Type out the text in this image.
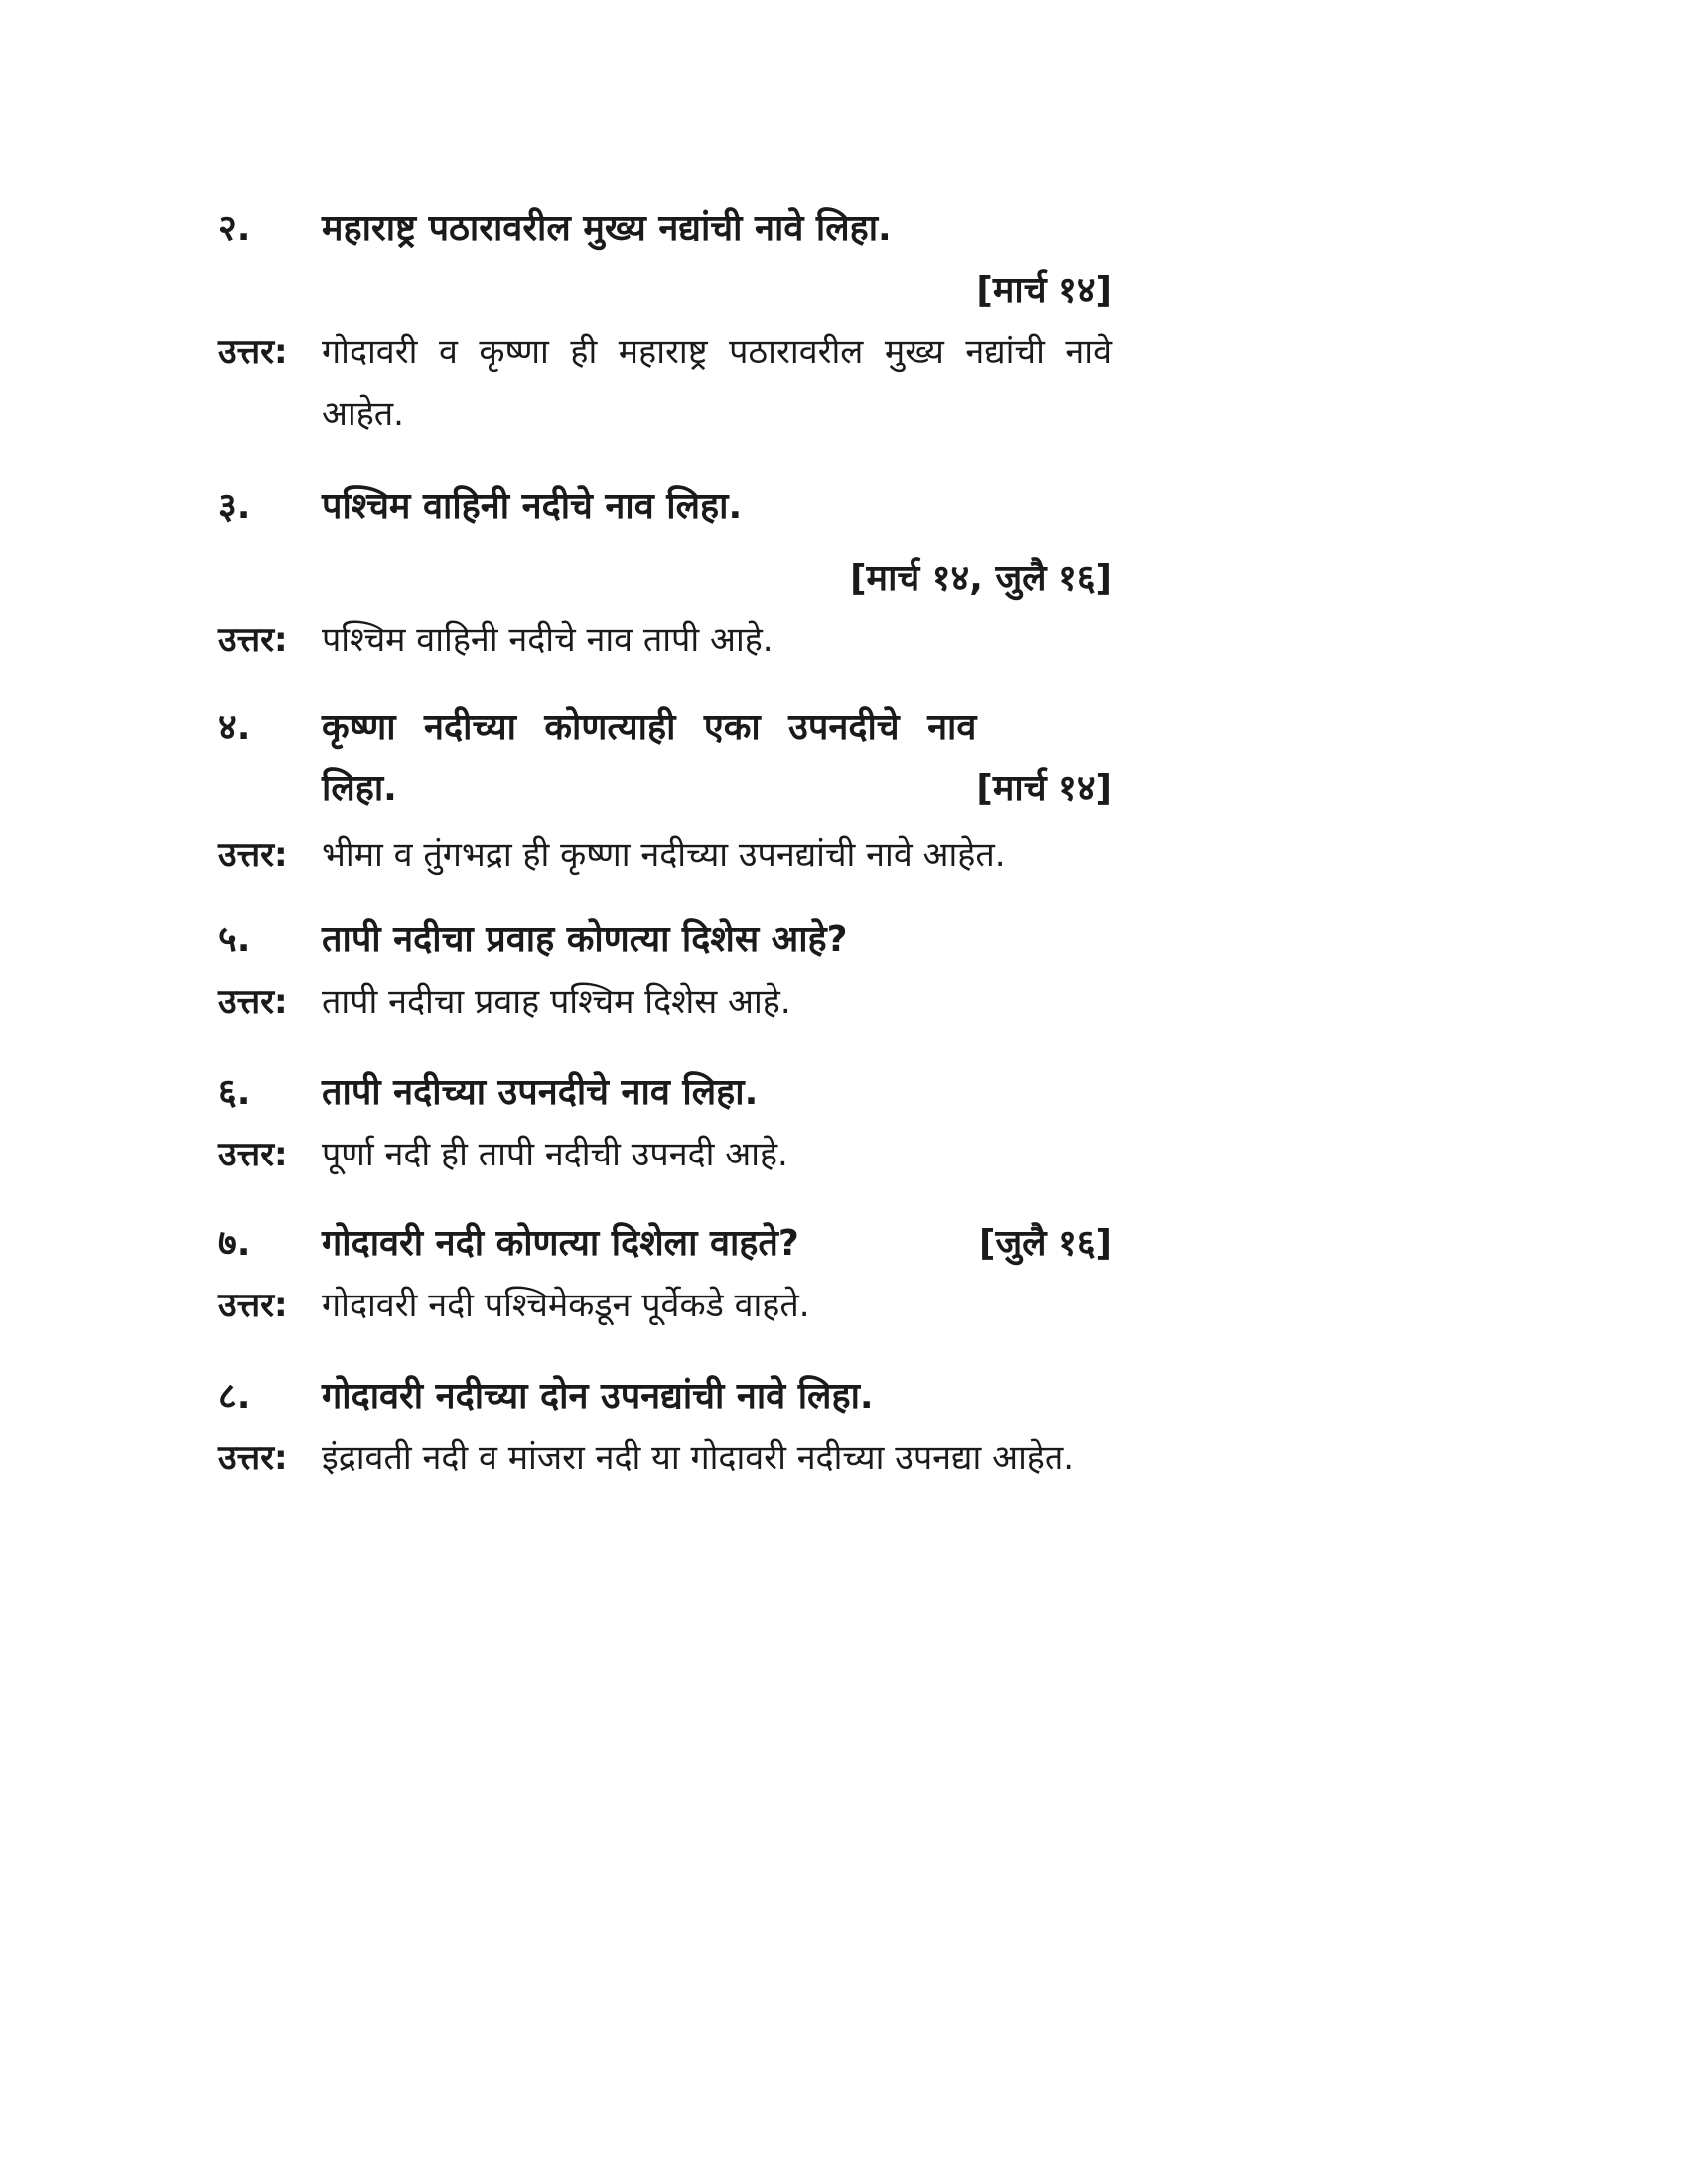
२.	महाराष्ट्र पठारावरील मुख्य नद्यांची नावे लिहा.
[मार्च १४]
उत्तर:	गोदावरी व कृष्णा ही महाराष्ट्र पठारावरील मुख्य नद्यांची नावे आहेत.
३.	पश्चिम वाहिनी नदीचे नाव लिहा.
[मार्च १४, जुलै १६]
उत्तर:	पश्चिम वाहिनी नदीचे नाव तापी आहे.
४.
[मार्च १४]
कृष्णा नदीच्या कोणत्याही एका उपनदीचे नाव लिहा.
उत्तर:	भीमा व तुंगभद्रा ही कृष्णा नदीच्या उपनद्यांची नावे आहेत.
५.	तापी नदीचा प्रवाह कोणत्या दिशेस आहे?
उत्तर:	तापी नदीचा प्रवाह पश्चिम दिशेस आहे.
६.	तापी नदीच्या उपनदीचे नाव लिहा.
उत्तर:	पूर्णा नदी ही तापी नदीची उपनदी आहे.
७.	[जुलै १६]
गोदावरी नदी कोणत्या दिशेला वाहते?
उत्तर:	गोदावरी नदी पश्चिमेकडून पूर्वेकडे वाहते.
८.	गोदावरी नदीच्या दोन उपनद्यांची नावे लिहा.
उत्तर:	इंद्रावती नदी व मांजरा नदी या गोदावरी नदीच्या उपनद्या आहेत.
